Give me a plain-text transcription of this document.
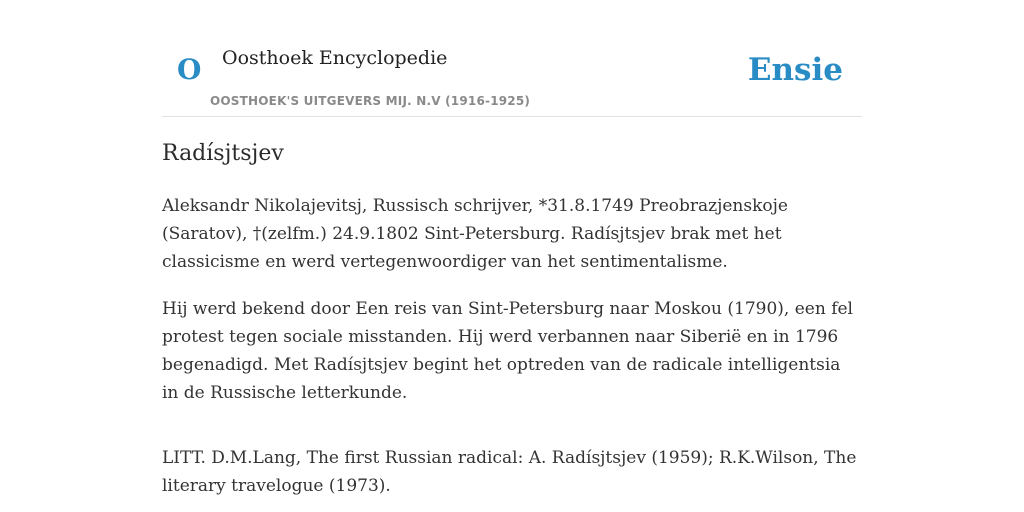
O Oosthoek Encyclopedie
OOSTHOEK'S UITGEVERS MIJ. N.V (1916-1925)
Ensie
Radísjtsjev

Aleksandr Nikolajevitsj, Russisch schrijver, *31.8.1749 Preobrazjenskoje (Saratov), †(zelfm.) 24.9.1802 Sint-Petersburg. Radísjtsjev brak met het classicisme en werd vertegenwoordiger van het sentimentalisme.

Hij werd bekend door Een reis van Sint-Petersburg naar Moskou (1790), een fel protest tegen sociale misstanden. Hij werd verbannen naar Siberië en in 1796 begenadigd. Met Radísjtsjev begint het optreden van de radicale intelligentsia in de Russische letterkunde.

LITT. D.M.Lang, The first Russian radical: A. Radísjtsjev (1959); R.K.Wilson, The literary travelogue (1973).
